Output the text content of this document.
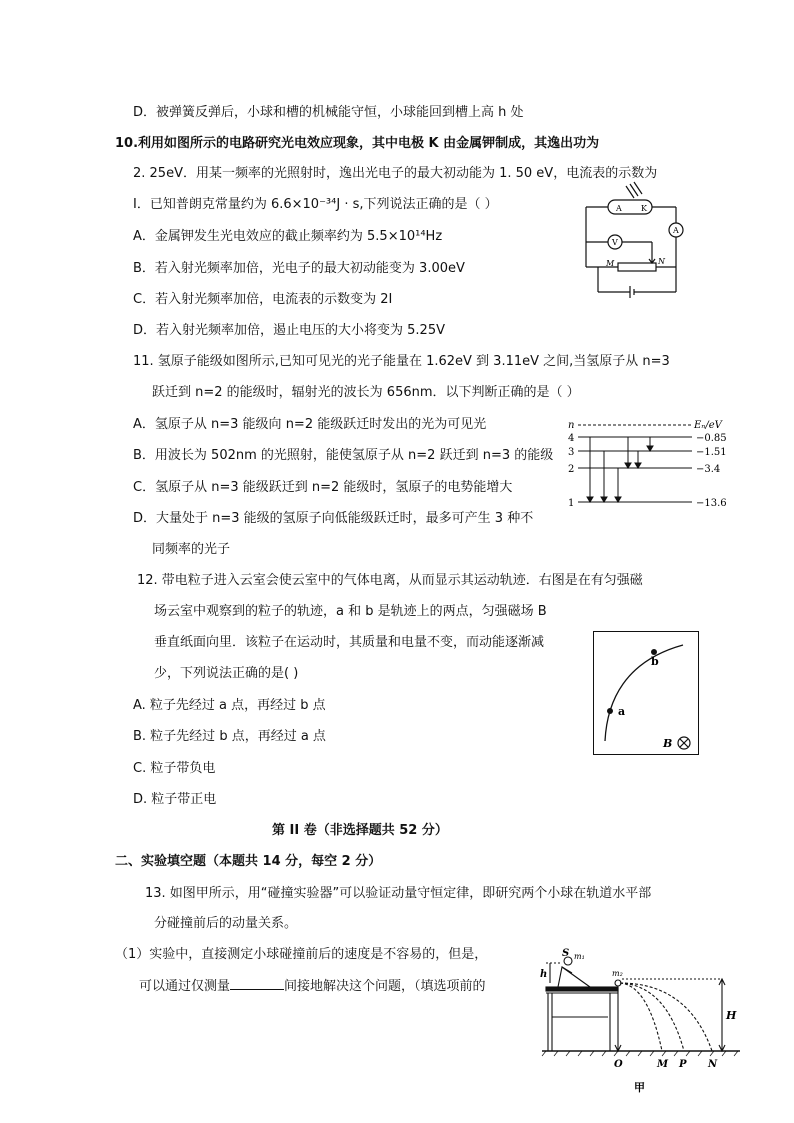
D．被弹簧反弹后，小球和槽的机械能守恒，小球能回到槽上高 h 处
10.利用如图所示的电路研究光电效应现象，其中电极 K 由金属钾制成，其逸出功为
2. 25eV．用某一频率的光照射时，逸出光电子的最大初动能为 1. 50 eV，电流表的示数为
I．已知普朗克常量约为 6.6×10⁻³⁴J · s,下列说法正确的是（ ）
A．金属钾发生光电效应的截止频率约为 5.5×10¹⁴Hz
B．若入射光频率加倍，光电子的最大初动能变为 3.00eV
C．若入射光频率加倍，电流表的示数变为 2I
D．若入射光频率加倍，遏止电压的大小将变为 5.25V
A K
V
A
M	N
11. 氢原子能级如图所示,已知可见光的光子能量在 1.62eV 到 3.11eV 之间,当氢原子从 n=3
跃迁到 n=2 的能级时，辐射光的波长为 656nm．以下判断正确的是（ ）
A．氢原子从 n=3 能级向 n=2 能级跃迁时发出的光为可见光
B．用波长为 502nm 的光照射，能使氢原子从 n=2 跃迁到 n=3 的能级
C．氢原子从 n=3 能级跃迁到 n=2 能级时，氢原子的电势能增大
D．大量处于 n=3 能级的氢原子向低能级跃迁时，最多可产生 3 种不
同频率的光子
n	Eₙ/eV
4
3
2
1
−0.85
−1.51
−3.4
−13.6
12. 带电粒子进入云室会使云室中的气体电离，从而显示其运动轨迹．右图是在有匀强磁
场云室中观察到的粒子的轨迹，a 和 b 是轨迹上的两点，匀强磁场 B
垂直纸面向里．该粒子在运动时，其质量和电量不变，而动能逐渐减
少，下列说法正确的是( )
A. 粒子先经过 a 点，再经过 b 点
B. 粒子先经过 b 点，再经过 a 点
C. 粒子带负电
D. 粒子带正电
a
b
B
第 II 卷（非选择题共 52 分）
二、实验填空题（本题共 14 分，每空 2 分）
13. 如图甲所示，用“碰撞实验器”可以验证动量守恒定律，即研究两个小球在轨道水平部
分碰撞前后的动量关系。
（1）实验中，直接测定小球碰撞前后的速度是不容易的，但是，
可以通过仅测量	间接地解决这个问题，（填选项前的
S m₁
m₂
h
H
O	M P N
甲
